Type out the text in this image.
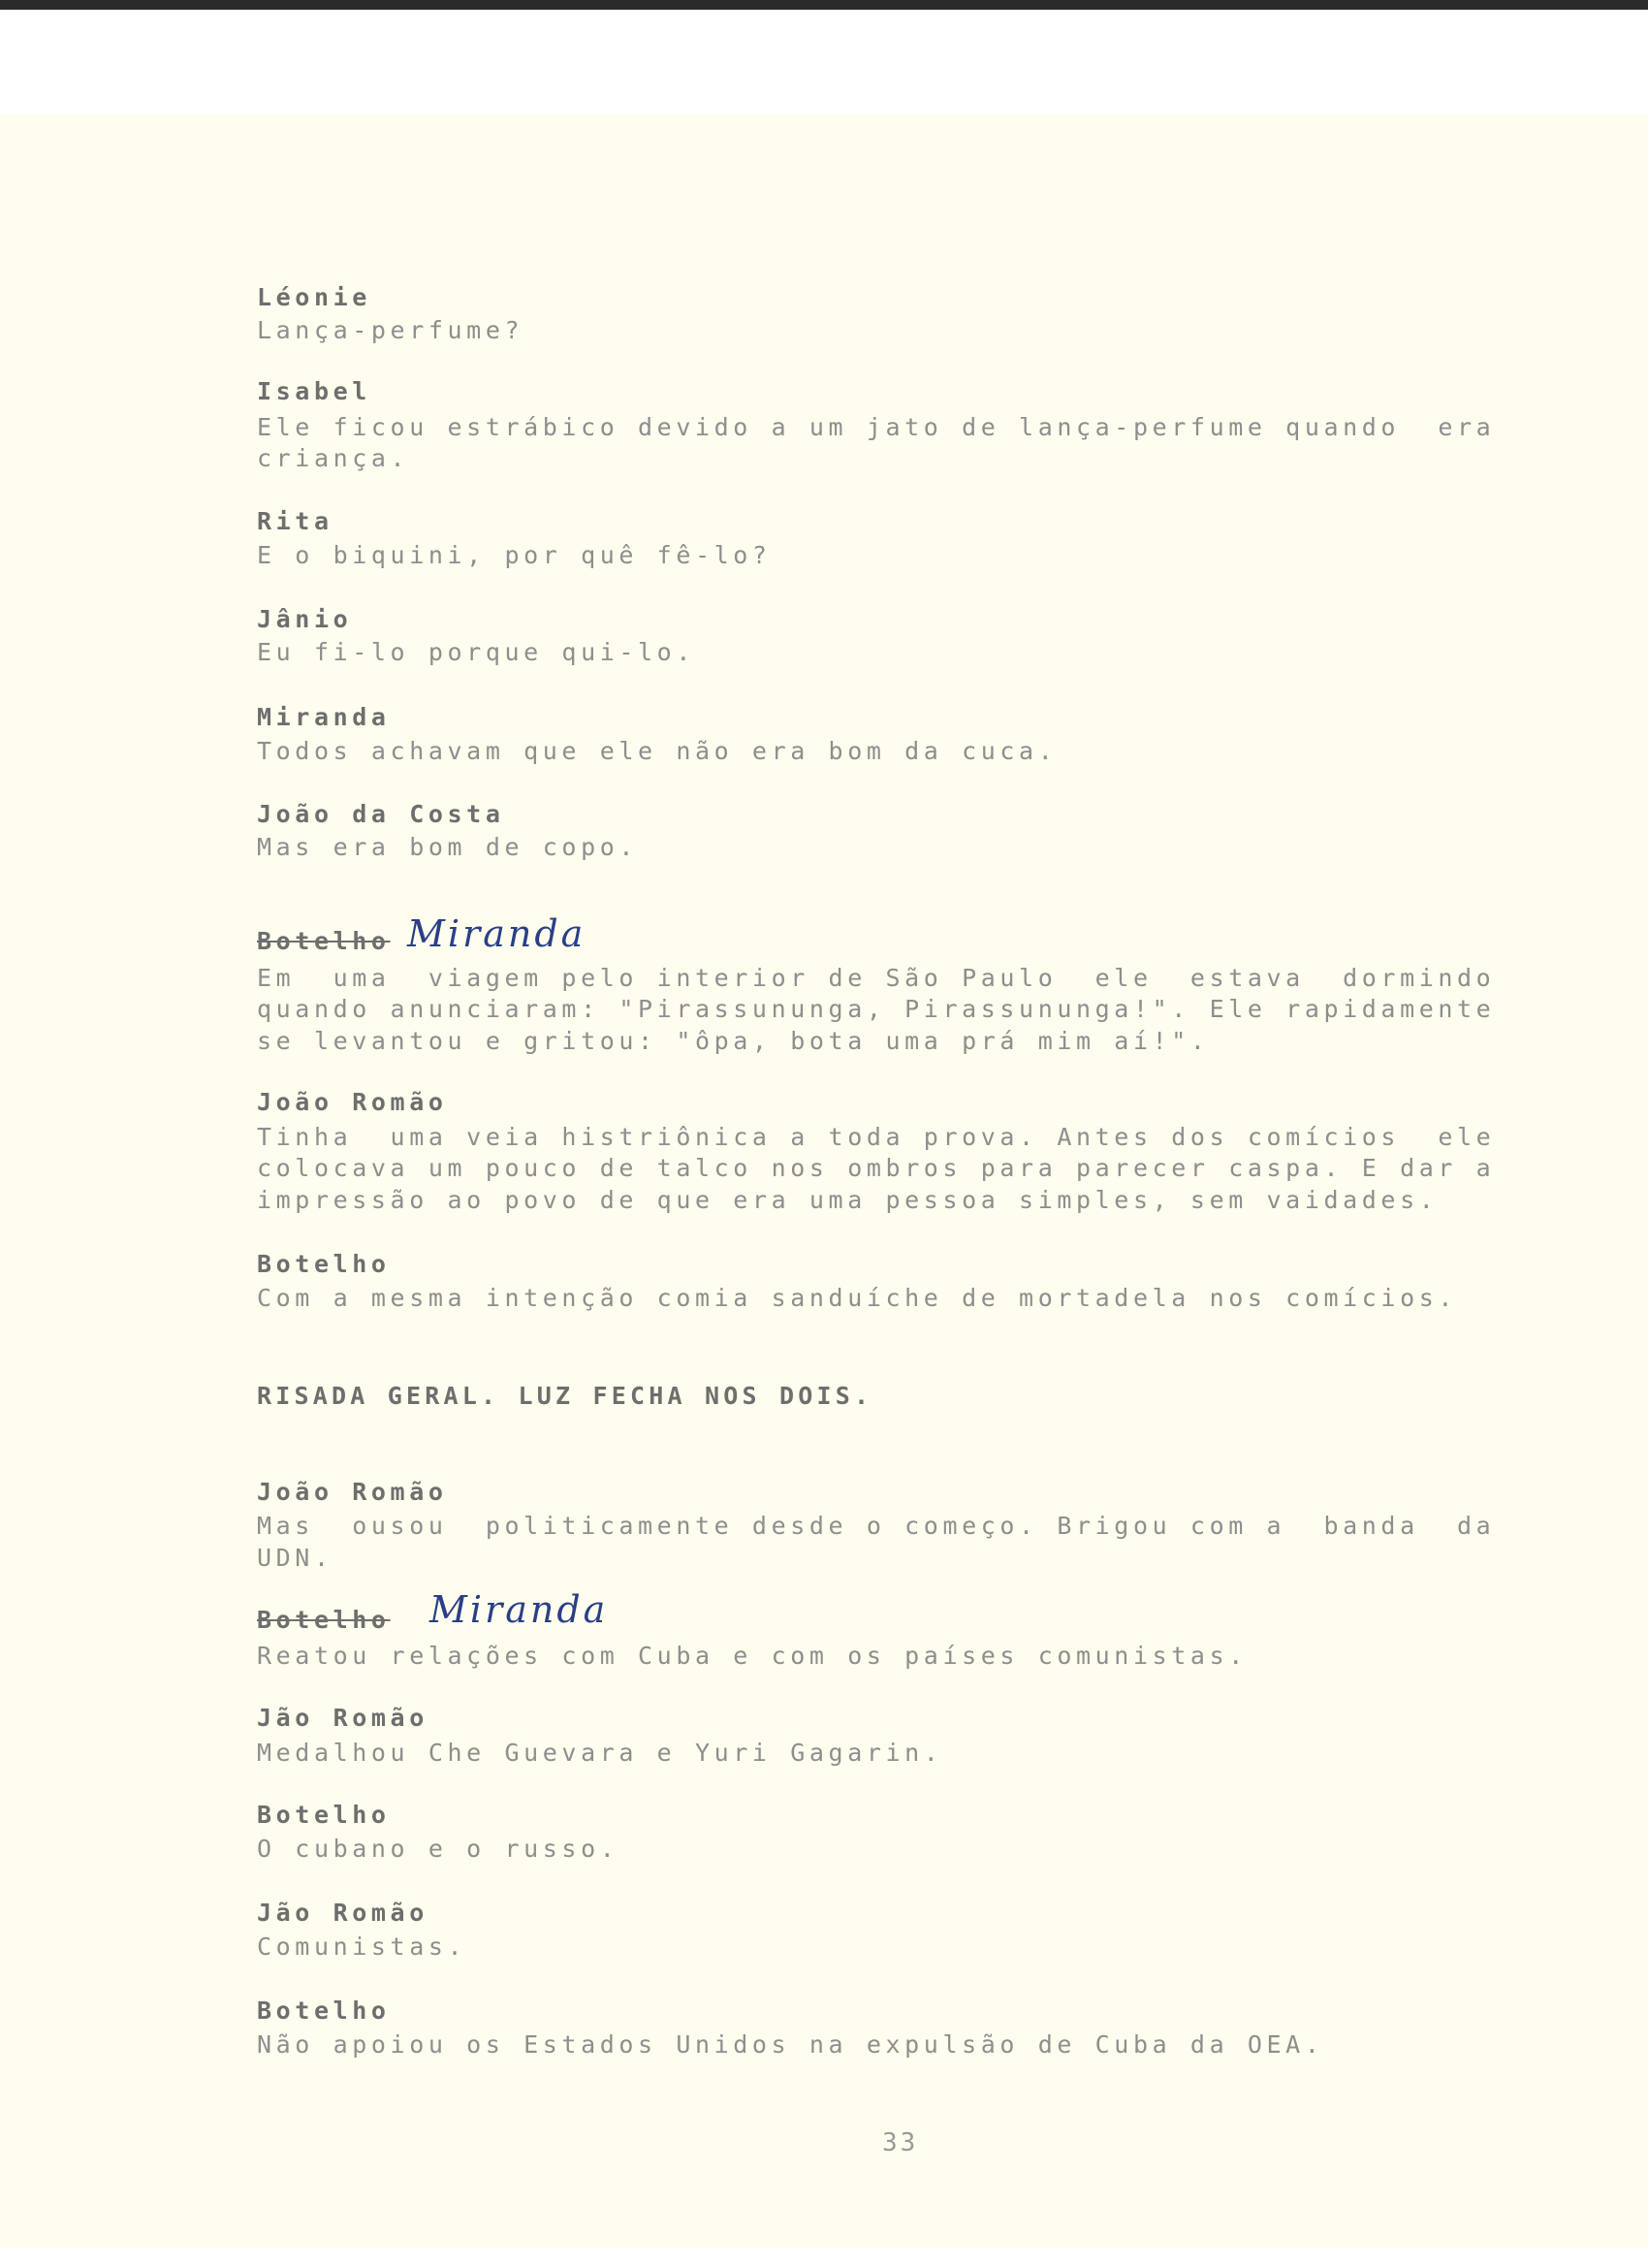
Léonie
Lança-perfume?
Isabel
Ele ficou estrábico devido a um jato de lança-perfume quando  era
criança.
Rita
E o biquini, por quê fê-lo?
Jânio
Eu fi-lo porque qui-lo.
Miranda
Todos achavam que ele não era bom da cuca.
João da Costa
Mas era bom de copo.
Botelho Miranda
Em  uma  viagem pelo interior de São Paulo  ele  estava  dormindo
quando anunciaram: "Pirassununga, Pirassununga!". Ele rapidamente
se levantou e gritou: "ôpa, bota uma prá mim aí!".
João Romão
Tinha  uma veia histriônica a toda prova. Antes dos comícios  ele
colocava um pouco de talco nos ombros para parecer caspa. E dar a
impressão ao povo de que era uma pessoa simples, sem vaidades.
Botelho
Com a mesma intenção comia sanduíche de mortadela nos comícios.
RISADA GERAL. LUZ FECHA NOS DOIS.
João Romão
Mas  ousou  politicamente desde o começo. Brigou com a  banda  da
UDN.
Botelho Miranda
Reatou relações com Cuba e com os países comunistas.
Jão Romão
Medalhou Che Guevara e Yuri Gagarin.
Botelho
O cubano e o russo.
Jão Romão
Comunistas.
Botelho
Não apoiou os Estados Unidos na expulsão de Cuba da OEA.
33
